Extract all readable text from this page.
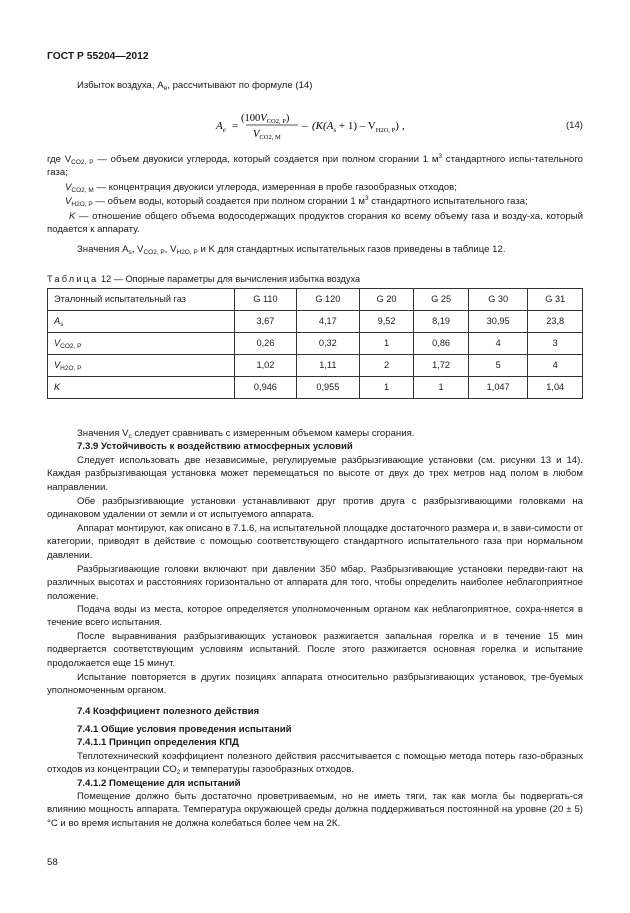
ГОСТ Р 55204—2012
Избыток воздуха, $A_e$, рассчитывают по формуле (14)
$A_e$ =
(100VCO2, P)
VCO2, M
– $(K(A_s + 1) - V_{H2O, P})$ ,	(14)
где $V_{CO2, P}$ — объем двуокиси углерода, который создается при полном сгорании 1 $м^3$ стандартного испы-тательного газа;
$V_{CO2, M}$ — концентрация двуокиси углерода, измеренная в пробе газообразных отходов;
$V_{H2O, P}$ — объем воды, который создается при полном сгорании 1 $м^3$ стандартного испытательного газа;
K — отношение общего объема водосодержащих продуктов сгорания ко всему объему газа и возду-ха, который подается к аппарату.
Значения $A_s$, $V_{CO2, P}$, $V_{H2O, P}$ и K для стандартных испытательных газов приведены в таблице 12.
Таблица 12 — Опорные параметры для вычисления избытка воздуха
Эталонный испытательный газ	G 110	G 120	G 20	G 25	G 30	G 31
$A_s$	3,67	4,17	9,52	8,19	30,95	23,8
$V_{CO2, P}$	0,26	0,32	1	0,86	4	3
$V_{H2O, P}$	1,02	1,11	2	1,72	5	4
K	0,946	0,955	1	1	1,047	1,04
Значения $V_c$ следует сравнивать с измеренным объемом камеры сгорания.
7.3.9 Устойчивость к воздействию атмосферных условий
Следует использовать две независимые, регулируемые разбрызгивающие установки (см. рисунки 13 и 14). Каждая разбрызгивающая установка может перемещаться по высоте от двух до трех метров над полом в любом направлении.
Обе разбрызгивающие установки устанавливают друг против друга с разбрызгивающими головками на одинаковом удалении от земли и от испытуемого аппарата.
Аппарат монтируют, как описано в 7.1.6, на испытательной площадке достаточного размера и, в зави-симости от категории, приводят в действие с помощью соответствующего стандартного испытательного газа при нормальном давлении.
Разбрызгивающие головки включают при давлении 350 мбар. Разбрызгивающие установки передви-гают на различных высотах и расстояниях горизонтально от аппарата для того, чтобы определить наиболее неблагоприятное положение.
Подача воды из места, которое определяется уполномоченным органом как неблагоприятное, сохра-няется в течение всего испытания.
После выравнивания разбрызгивающих установок разжигается запальная горелка и в течение 15 мин подвергается соответствующим условиям испытаний. После этого разжигается основная горелка и испытание продолжается еще 15 минут.
Испытание повторяется в других позициях аппарата относительно разбрызгивающих установок, тре-буемых уполномоченным органом.
7.4 Коэффициент полезного действия
7.4.1 Общие условия проведения испытаний
7.4.1.1 Принцип определения КПД
Теплотехнический коэффициент полезного действия рассчитывается с помощью метода потерь газо-образных отходов из концентрации $CO_2$ и температуры газообразных отходов.
7.4.1.2 Помещение для испытаний
Помещение должно быть достаточно проветриваемым, но не иметь тяги, так как могла бы подвергать-ся влиянию мощность аппарата. Температура окружающей среды должна поддерживаться постоянной на уровне (20 ± 5) °С и во время испытания не должна колебаться более чем на 2К.
58
